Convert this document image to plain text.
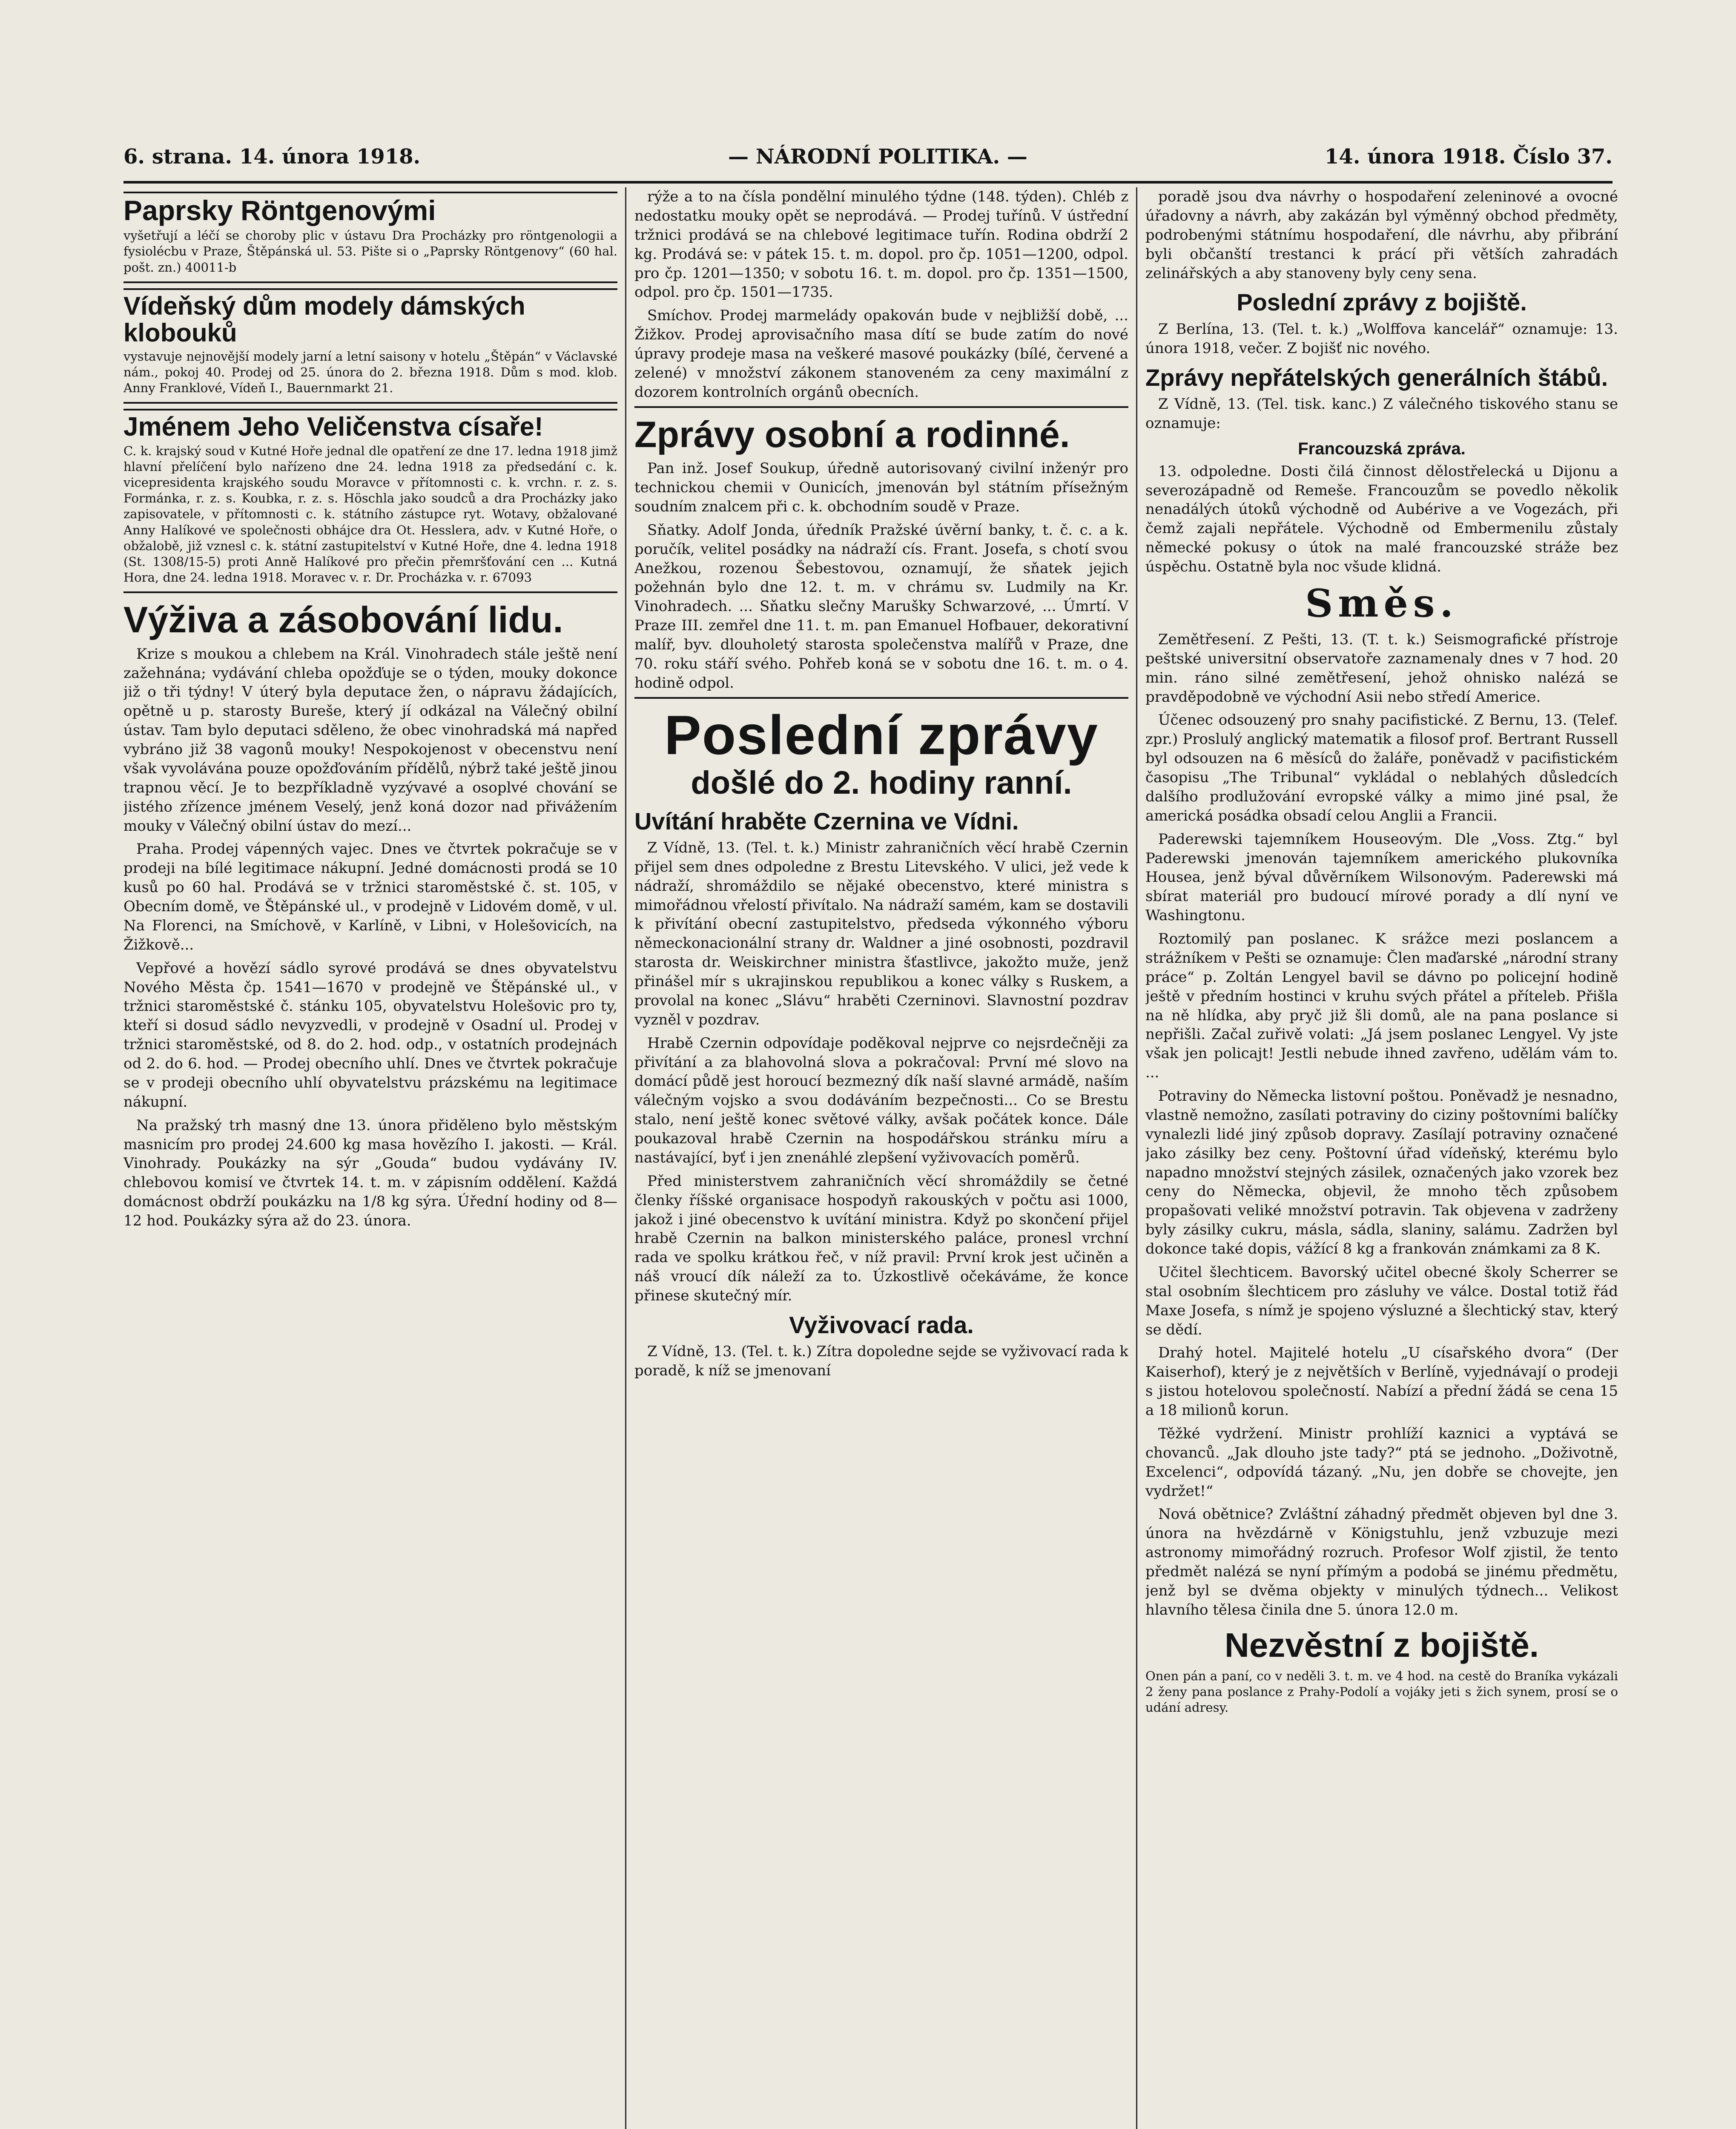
6. strana. 14. února 1918.	— NÁRODNÍ POLITIKA. —	14. února 1918. Číslo 37.
Paprsky Röntgenovými
vyšetřují a léčí se choroby plic v ústavu Dra Procházky pro röntgenologii a fysiolécbu v Praze, Štěpánská ul. 53. Pište si o „Paprsky Röntgenovy“ (60 hal. pošt. zn.) 40011-b
Vídeňský dům modely dámských klobouků
vystavuje nejnovější modely jarní a letní saisony v hotelu „Štěpán“ v Václavské nám., pokoj 40. Prodej od 25. února do 2. března 1918. Dům s mod. klob. Anny Franklové, Vídeň I., Bauernmarkt 21.
Jménem Jeho Veličenstva císaře!
C. k. krajský soud v Kutné Hoře jednal dle opatření ze dne 17. ledna 1918 jimž hlavní přelíčení bylo nařízeno dne 24. ledna 1918 za předsedání c. k. vicepresidenta krajského soudu Moravce v přítomnosti c. k. vrchn. r. z. s. Formánka, r. z. s. Koubka, r. z. s. Höschla jako soudců a dra Procházky jako zapisovatele, v přítomnosti c. k. státního zástupce ryt. Wotavy, obžalované Anny Halíkové ve společnosti obhájce dra Ot. Hesslera, adv. v Kutné Hoře, o obžalobě, již vznesl c. k. státní zastupitelství v Kutné Hoře, dne 4. ledna 1918 (St. 1308/15-5) proti Anně Halíkové pro přečin přemršťování cen ... Kutná Hora, dne 24. ledna 1918. Moravec v. r. Dr. Procházka v. r. 67093
Výživa a zásobování lidu.
Krize s moukou a chlebem na Král. Vinohradech stále ještě není zažehnána; vydávání chleba opožďuje se o týden, mouky dokonce již o tři týdny! V úterý byla deputace žen, o nápravu žádajících, opětně u p. starosty Bureše, který jí odkázal na Válečný obilní ústav. Tam bylo deputaci sděleno, že obec vinohradská má napřed vybráno již 38 vagonů mouky! Nespokojenost v obecenstvu není však vyvolávána pouze opožďováním přídělů, nýbrž také ještě jinou trapnou věcí. Je to bezpříkladně vyzývavé a osoplvé chování se jistého zřízence jménem Veselý, jenž koná dozor nad přivážením mouky v Válečný obilní ústav do mezí...
Praha. Prodej vápenných vajec. Dnes ve čtvrtek pokračuje se v prodeji na bílé legitimace nákupní. Jedné domácnosti prodá se 10 kusů po 60 hal. Prodává se v tržnici staroměstské č. st. 105, v Obecním domě, ve Štěpánské ul., v prodejně v Lidovém domě, v ul. Na Florenci, na Smíchově, v Karlíně, v Libni, v Holešovicích, na Žižkově...
Vepřové a hovězí sádlo syrové prodává se dnes obyvatelstvu Nového Města čp. 1541—1670 v prodejně ve Štěpánské ul., v tržnici staroměstské č. stánku 105, obyvatelstvu Holešovic pro ty, kteří si dosud sádlo nevyzvedli, v prodejně v Osadní ul. Prodej v tržnici staroměstské, od 8. do 2. hod. odp., v ostatních prodejnách od 2. do 6. hod. — Prodej obecního uhlí. Dnes ve čtvrtek pokračuje se v prodeji obecního uhlí obyvatelstvu prázskému na legitimace nákupní.
Na pražský trh masný dne 13. února přiděleno bylo městským masnicím pro prodej 24.600 kg masa hovězího I. jakosti. — Král. Vinohrady. Poukázky na sýr „Gouda“ budou vydávány IV. chlebovou komisí ve čtvrtek 14. t. m. v zápisním oddělení. Každá domácnost obdrží poukázku na 1/8 kg sýra. Úřední hodiny od 8—12 hod. Poukázky sýra až do 23. února.
rýže a to na čísla pondělní minulého týdne (148. týden). Chléb z nedostatku mouky opět se neprodává. — Prodej tuřínů. V ústřední tržnici prodává se na chlebové legitimace tuřín. Rodina obdrží 2 kg. Prodává se: v pátek 15. t. m. dopol. pro čp. 1051—1200, odpol. pro čp. 1201—1350; v sobotu 16. t. m. dopol. pro čp. 1351—1500, odpol. pro čp. 1501—1735.
Smíchov. Prodej marmelády opakován bude v nejbližší době, ... Žižkov. Prodej aprovisačního masa dítí se bude zatím do nové úpravy prodeje masa na veškeré masové poukázky (bílé, červené a zelené) v množství zákonem stanoveném za ceny maximální z dozorem kontrolních orgánů obecních.
Zprávy osobní a rodinné.
Pan inž. Josef Soukup, úředně autorisovaný civilní inženýr pro technickou chemii v Ounicích, jmenován byl státním přísežným soudním znalcem při c. k. obchodním soudě v Praze.
Sňatky. Adolf Jonda, úředník Pražské úvěrní banky, t. č. c. a k. poručík, velitel posádky na nádraží cís. Frant. Josefa, s chotí svou Anežkou, rozenou Šebestovou, oznamují, že sňatek jejich požehnán bylo dne 12. t. m. v chrámu sv. Ludmily na Kr. Vinohradech. ... Sňatku slečny Marušky Schwarzové, ... Úmrtí. V Praze III. zemřel dne 11. t. m. pan Emanuel Hofbauer, dekorativní malíř, byv. dlouholetý starosta společenstva malířů v Praze, dne 70. roku stáří svého. Pohřeb koná se v sobotu dne 16. t. m. o 4. hodině odpol.
Poslední zprávy
došlé do 2. hodiny ranní.
Uvítání hraběte Czernina ve Vídni.
Z Vídně, 13. (Tel. t. k.) Ministr zahraničních věcí hrabě Czernin přijel sem dnes odpoledne z Brestu Litevského. V ulici, jež vede k nádraží, shromáždilo se nějaké obecenstvo, které ministra s mimořádnou vřelostí přivítalo. Na nádraží samém, kam se dostavili k přivítání obecní zastupitelstvo, předseda výkonného výboru německonacionální strany dr. Waldner a jiné osobnosti, pozdravil starosta dr. Weiskirchner ministra šťastlivce, jakožto muže, jenž přinášel mír s ukrajinskou republikou a konec války s Ruskem, a provolal na konec „Slávu“ hraběti Czerninovi. Slavnostní pozdrav vyzněl v pozdrav.
Hrabě Czernin odpovídaje poděkoval nejprve co nejsrdečněji za přivítání a za blahovolná slova a pokračoval: První mé slovo na domácí půdě jest horoucí bezmezný dík naší slavné armádě, naším válečným vojsko a svou dodáváním bezpečnosti... Co se Brestu stalo, není ještě konec světové války, avšak počátek konce. Dále poukazoval hrabě Czernin na hospodářskou stránku míru a nastávající, byť i jen znenáhlé zlepšení vyživovacích poměrů.
Před ministerstvem zahraničních věcí shromáždily se četné členky říšské organisace hospodyň rakouských v počtu asi 1000, jakož i jiné obecenstvo k uvítání ministra. Když po skončení přijel hrabě Czernin na balkon ministerského paláce, pronesl vrchní rada ve spolku krátkou řeč, v níž pravil: První krok jest učiněn a náš vroucí dík náleží za to. Úzkostlivě očekáváme, že konce přinese skutečný mír.
Vyživovací rada.
Z Vídně, 13. (Tel. t. k.) Zítra dopoledne sejde se vyživovací rada k poradě, k níž se jmenovaní
poradě jsou dva návrhy o hospodaření zeleninové a ovocné úřadovny a návrh, aby zakázán byl výměnný obchod předměty, podrobenými státnímu hospodaření, dle návrhu, aby přibrání byli občanští trestanci k prácí při větších zahradách zelinářských a aby stanoveny byly ceny sena.
Poslední zprávy z bojiště.
Z Berlína, 13. (Tel. t. k.) „Wolffova kancelář“ oznamuje: 13. února 1918, večer. Z bojišť nic nového.
Zprávy nepřátelských generálních štábů.
Z Vídně, 13. (Tel. tisk. kanc.) Z válečného tiskového stanu se oznamuje:
Francouzská zpráva.
13. odpoledne. Dosti čilá činnost dělostřelecká u Dijonu a severozápadně od Remeše. Francouzům se povedlo několik nenadálých útoků východně od Aubérive a ve Vogezách, při čemž zajali nepřátele. Východně od Embermenilu zůstaly německé pokusy o útok na malé francouzské stráže bez úspěchu. Ostatně byla noc všude klidná.
Směs.
Zemětřesení. Z Pešti, 13. (T. t. k.) Seismografické přístroje peštské universitní observatoře zaznamenaly dnes v 7 hod. 20 min. ráno silné zemětřesení, jehož ohnisko nalézá se pravděpodobně ve východní Asii nebo středí Americe.
Účenec odsouzený pro snahy pacifistické. Z Bernu, 13. (Telef. zpr.) Proslulý anglický matematik a filosof prof. Bertrant Russell byl odsouzen na 6 měsíců do žaláře, poněvadž v pacifistickém časopisu „The Tribunal“ vykládal o neblahých důsledcích dalšího prodlužování evropské války a mimo jiné psal, že americká posádka obsadí celou Anglii a Francii.
Paderewski tajemníkem Houseovým. Dle „Voss. Ztg.“ byl Paderewski jmenován tajemníkem amerického plukovníka Housea, jenž býval důvěrníkem Wilsonovým. Paderewski má sbírat materiál pro budoucí mírové porady a dlí nyní ve Washingtonu.
Roztomilý pan poslanec. K srážce mezi poslancem a strážníkem v Pešti se oznamuje: Člen maďarské „národní strany práce“ p. Zoltán Lengyel bavil se dávno po policejní hodině ještě v předním hostinci v kruhu svých přátel a příteleb. Přišla na ně hlídka, aby pryč již šli domů, ale na pana poslance si nepřišli. Začal zuřivě volati: „Já jsem poslanec Lengyel. Vy jste však jen policajt! Jestli nebude ihned zavřeno, udělám vám to. ...
Potraviny do Německa listovní poštou. Poněvadž je nesnadno, vlastně nemožno, zasílati potraviny do ciziny poštovními balíčky vynalezli lidé jiný způsob dopravy. Zasílají potraviny označené jako zásilky bez ceny. Poštovní úřad vídeňský, kterému bylo napadno množství stejných zásilek, označených jako vzorek bez ceny do Německa, objevil, že mnoho těch způsobem propašovati veliké množství potravin. Tak objevena v zadrženy byly zásilky cukru, másla, sádla, slaniny, salámu. Zadržen byl dokonce také dopis, vážící 8 kg a frankován známkami za 8 K.
Učitel šlechticem. Bavorský učitel obecné školy Scherrer se stal osobním šlechticem pro zásluhy ve válce. Dostal totiž řád Maxe Josefa, s nímž je spojeno výsluzné a šlechtický stav, který se dědí.
Drahý hotel. Majitelé hotelu „U císařského dvora“ (Der Kaiserhof), který je z největších v Berlíně, vyjednávají o prodeji s jistou hotelovou společností. Nabízí a přední žádá se cena 15 a 18 milionů korun.
Těžké vydržení. Ministr prohlíží kaznici a vyptává se chovanců. „Jak dlouho jste tady?“ ptá se jednoho. „Doživotně, Excelenci“, odpovídá tázaný. „Nu, jen dobře se chovejte, jen vydržet!“
Nová obětnice? Zvláštní záhadný předmět objeven byl dne 3. února na hvězdárně v Königstuhlu, jenž vzbuzuje mezi astronomy mimořádný rozruch. Profesor Wolf zjistil, že tento předmět nalézá se nyní přímým a podobá se jinému předmětu, jenž byl se dvěma objekty v minulých týdnech... Velikost hlavního tělesa činila dne 5. února 12.0 m.
Nezvěstní z bojiště.
Onen pán a paní, co v neděli 3. t. m. ve 4 hod. na cestě do Braníka vykázali 2 ženy pana poslance z Prahy-Podolí a vojáky jeti s žich synem, prosí se o udání adresy.
